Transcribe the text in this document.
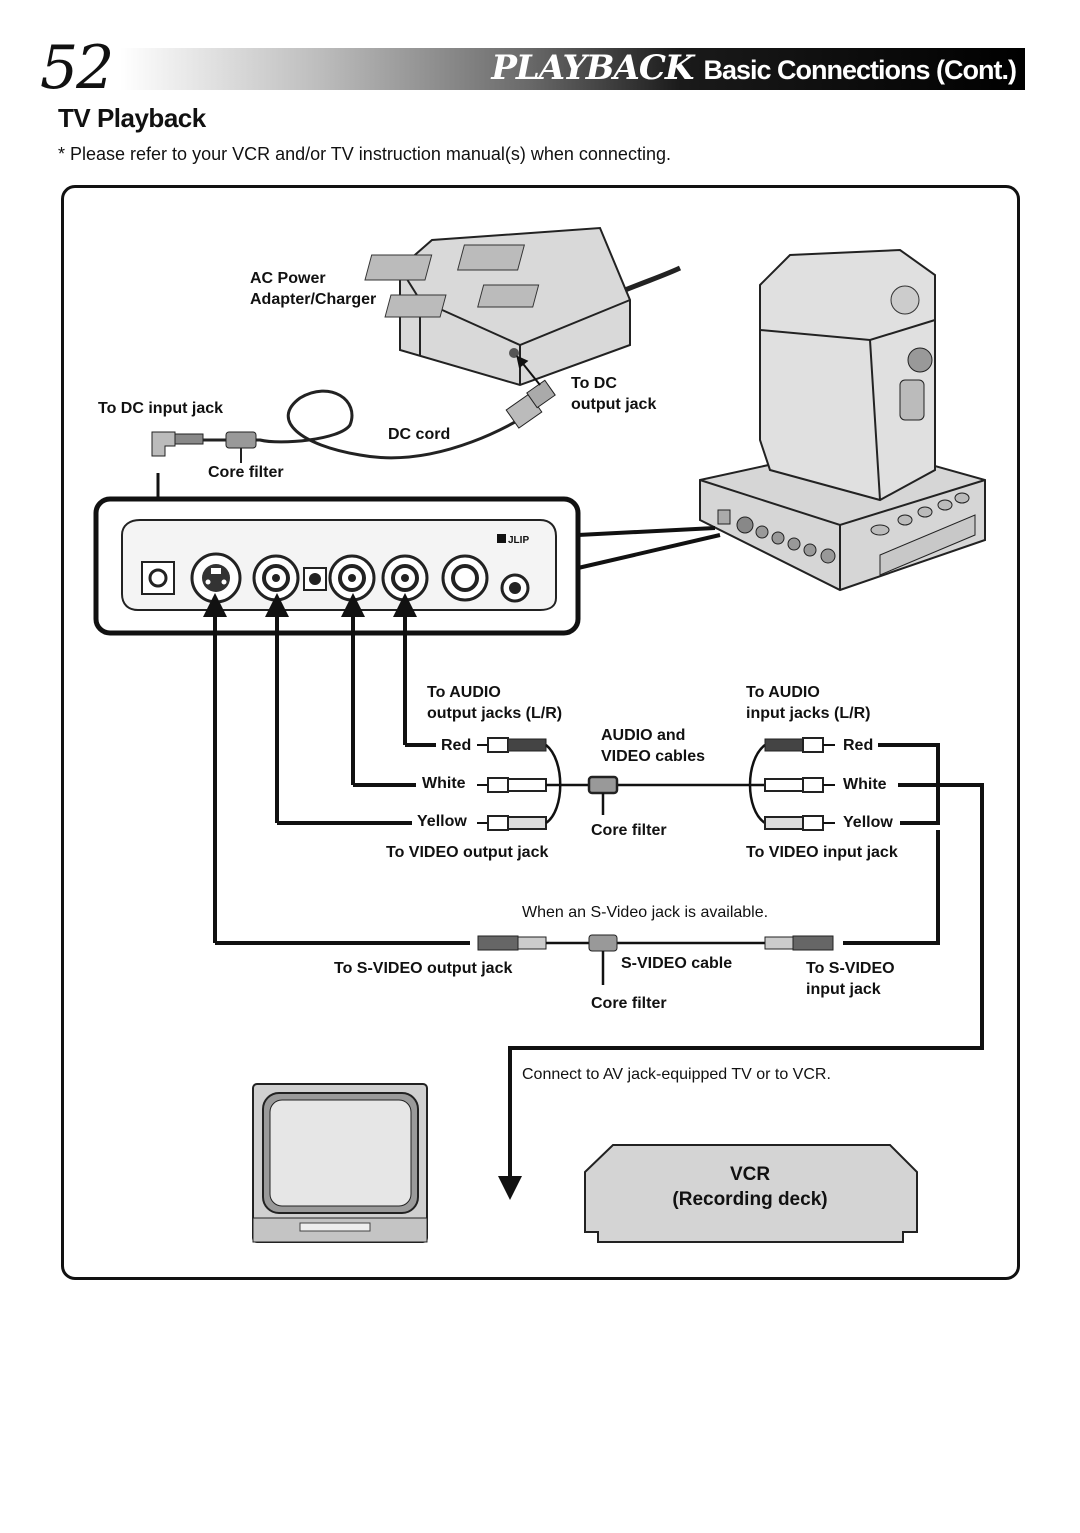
52	PLAYBACK Basic Connections (Cont.)
TV Playback
* Please refer to your VCR and/or TV instruction manual(s) when connecting.
JLIP
AC Power
Adapter/Charger
To DC input jack
To DC
output jack
DC cord
Core filter
To AUDIO
output jacks (L/R)
To AUDIO
input jacks (L/R)
AUDIO and
VIDEO cables
Red
White
Yellow
Red
White
Yellow
Core filter
To VIDEO output jack	To VIDEO input jack
When an S-Video jack is available.
To S-VIDEO output jack	S-VIDEO cable	To S-VIDEO
input jack
Core filter
Connect to AV jack-equipped TV or to VCR.
VCR
(Recording deck)
